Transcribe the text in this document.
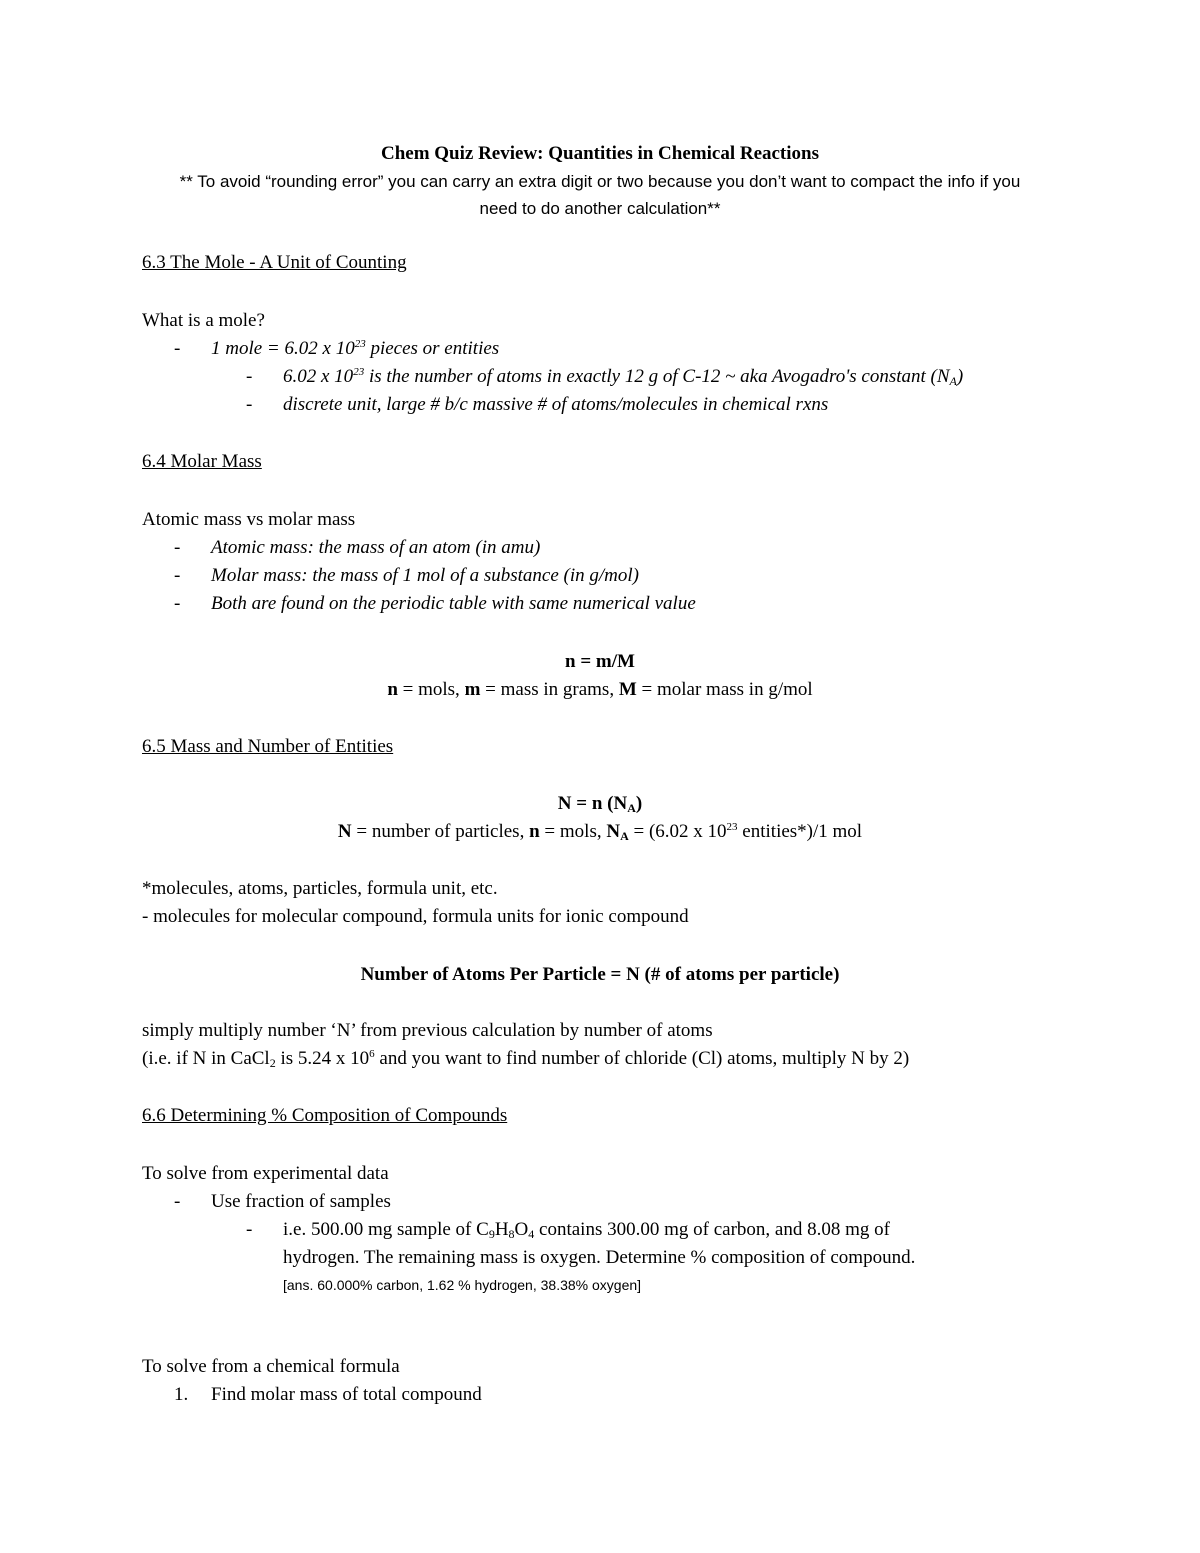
Chem Quiz Review: Quantities in Chemical Reactions
** To avoid “rounding error” you can carry an extra digit or two because you don’t want to compact the info if you
need to do another calculation**
6.3 The Mole - A Unit of Counting
What is a mole?
- 1 mole = 6.02 x $10^{23}$ pieces or entities
- 6.02 x $10^{23}$ is the number of atoms in exactly 12 g of C-12 ~ aka Avogadro's constant $(N_A)$
- discrete unit, large # b/c massive # of atoms/molecules in chemical rxns
6.4 Molar Mass
Atomic mass vs molar mass
- Atomic mass: the mass of an atom (in amu)
- Molar mass: the mass of 1 mol of a substance (in g/mol)
- Both are found on the periodic table with same numerical value
n = m/M
n = mols, m = mass in grams, M = molar mass in g/mol
6.5 Mass and Number of Entities
N = n $(N_A)$
N = number of particles, n = mols, $N_A = (6.02$ x $10^{23}$ entities*)/1 mol
*molecules, atoms, particles, formula unit, etc.
- molecules for molecular compound, formula units for ionic compound
Number of Atoms Per Particle = N (# of atoms per particle)
simply multiply number ‘N’ from previous calculation by number of atoms
(i.e. if N in CaCl$_2$ is 5.24 x $10^6$ and you want to find number of chloride (Cl) atoms, multiply N by 2)
6.6 Determining % Composition of Compounds
To solve from experimental data
- Use fraction of samples
- i.e. 500.00 mg sample of $C_9H_8O_4$ contains 300.00 mg of carbon, and 8.08 mg of
hydrogen. The remaining mass is oxygen. Determine % composition of compound.
[ans. 60.000% carbon, 1.62 % hydrogen, 38.38% oxygen]
To solve from a chemical formula
1. Find molar mass of total compound
